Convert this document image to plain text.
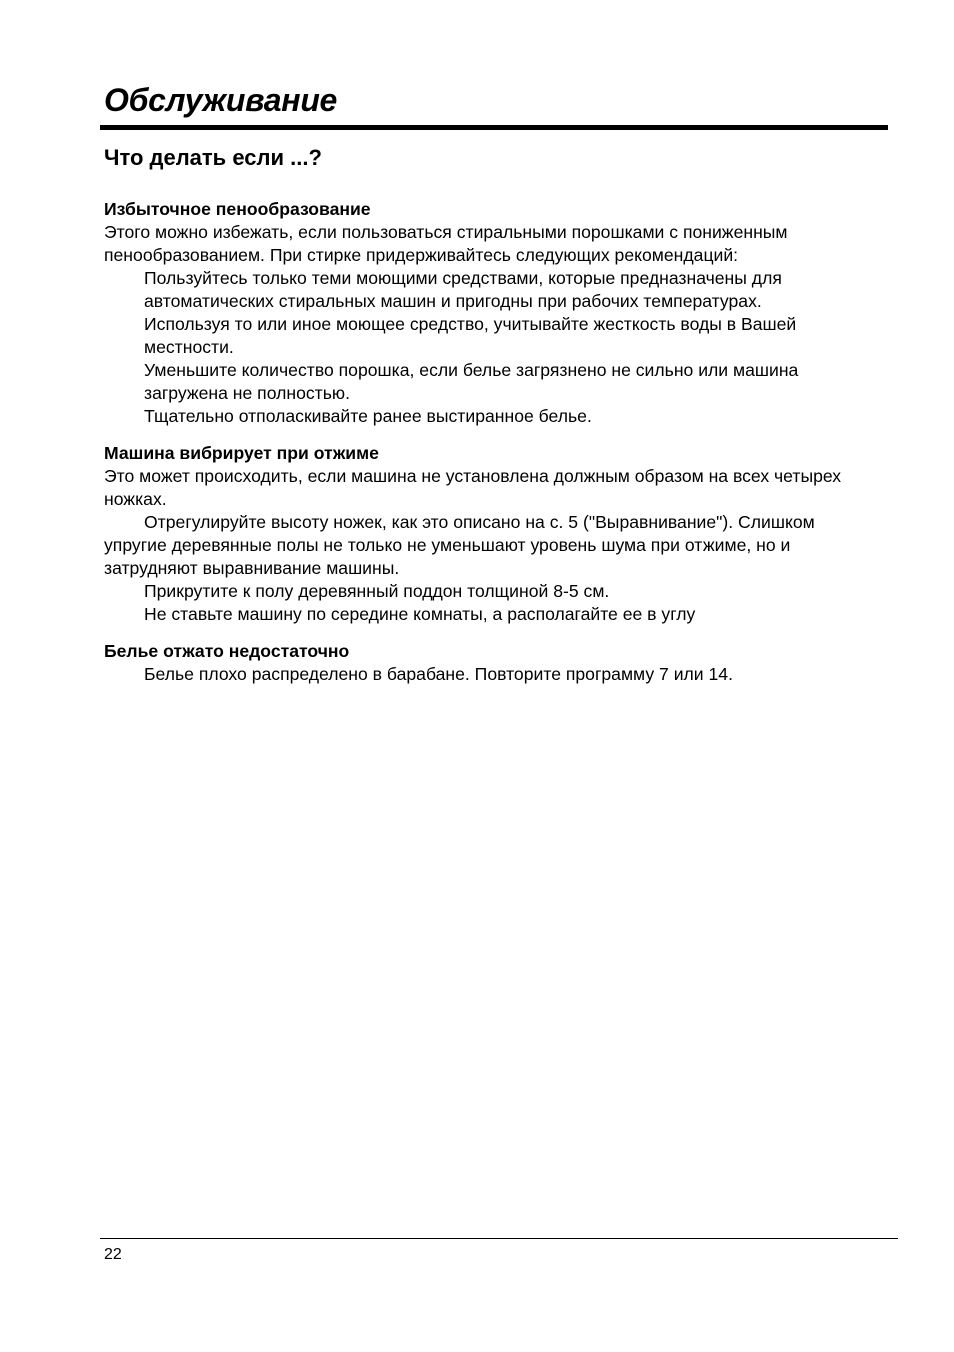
Обслуживание
Что делать если ...?

Избыточное пенообразование

Этого можно избежать, если пользоваться стиральными порошками с пониженным пенообразованием. При стирке придерживайтесь следующих рекомендаций:

Пользуйтесь только теми моющими средствами, которые предназначены для автоматических стиральных машин и пригодны при рабочих температурах.

Используя то или иное моющее средство, учитывайте жесткость воды в Вашей местности.

Уменьшите количество порошка, если белье загрязнено не сильно или машина загружена не полностью.

Тщательно отполаскивайте ранее выстиранное белье.

Машина вибрирует при отжиме

Это может происходить, если машина не установлена должным образом на всех четырех ножках.

Отрегулируйте высоту ножек, как это описано на с. 5 ("Выравнивание"). Слишком упругие деревянные полы не только не уменьшают уровень шума при отжиме, но и затрудняют выравнивание машины.

Прикрутите к полу деревянный поддон толщиной 8-5 см.

Не ставьте машину по середине комнаты, а располагайте ее в углу

Белье отжато недостаточно

Белье плохо распределено в барабане. Повторите программу 7 или 14.

22
